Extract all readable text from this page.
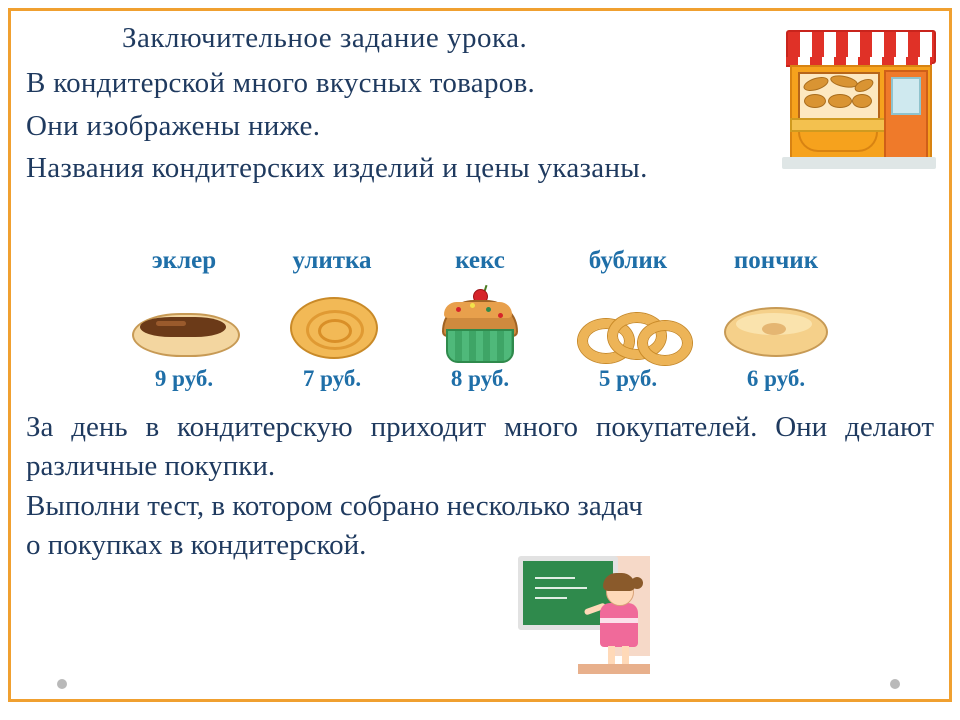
Заключительное задание урока.

В кондитерской много вкусных товаров.

Они изображены ниже.

Названия кондитерских изделий и цены указаны.

эклер	улитка	кекс	бублик	пончик
9 руб.	7 руб.	8 руб.	5 руб.	6 руб.

За день в кондитерскую приходит много покупателей. Они делают различные покупки.

Выполни тест, в котором собрано несколько задач

о покупках в кондитерской.
